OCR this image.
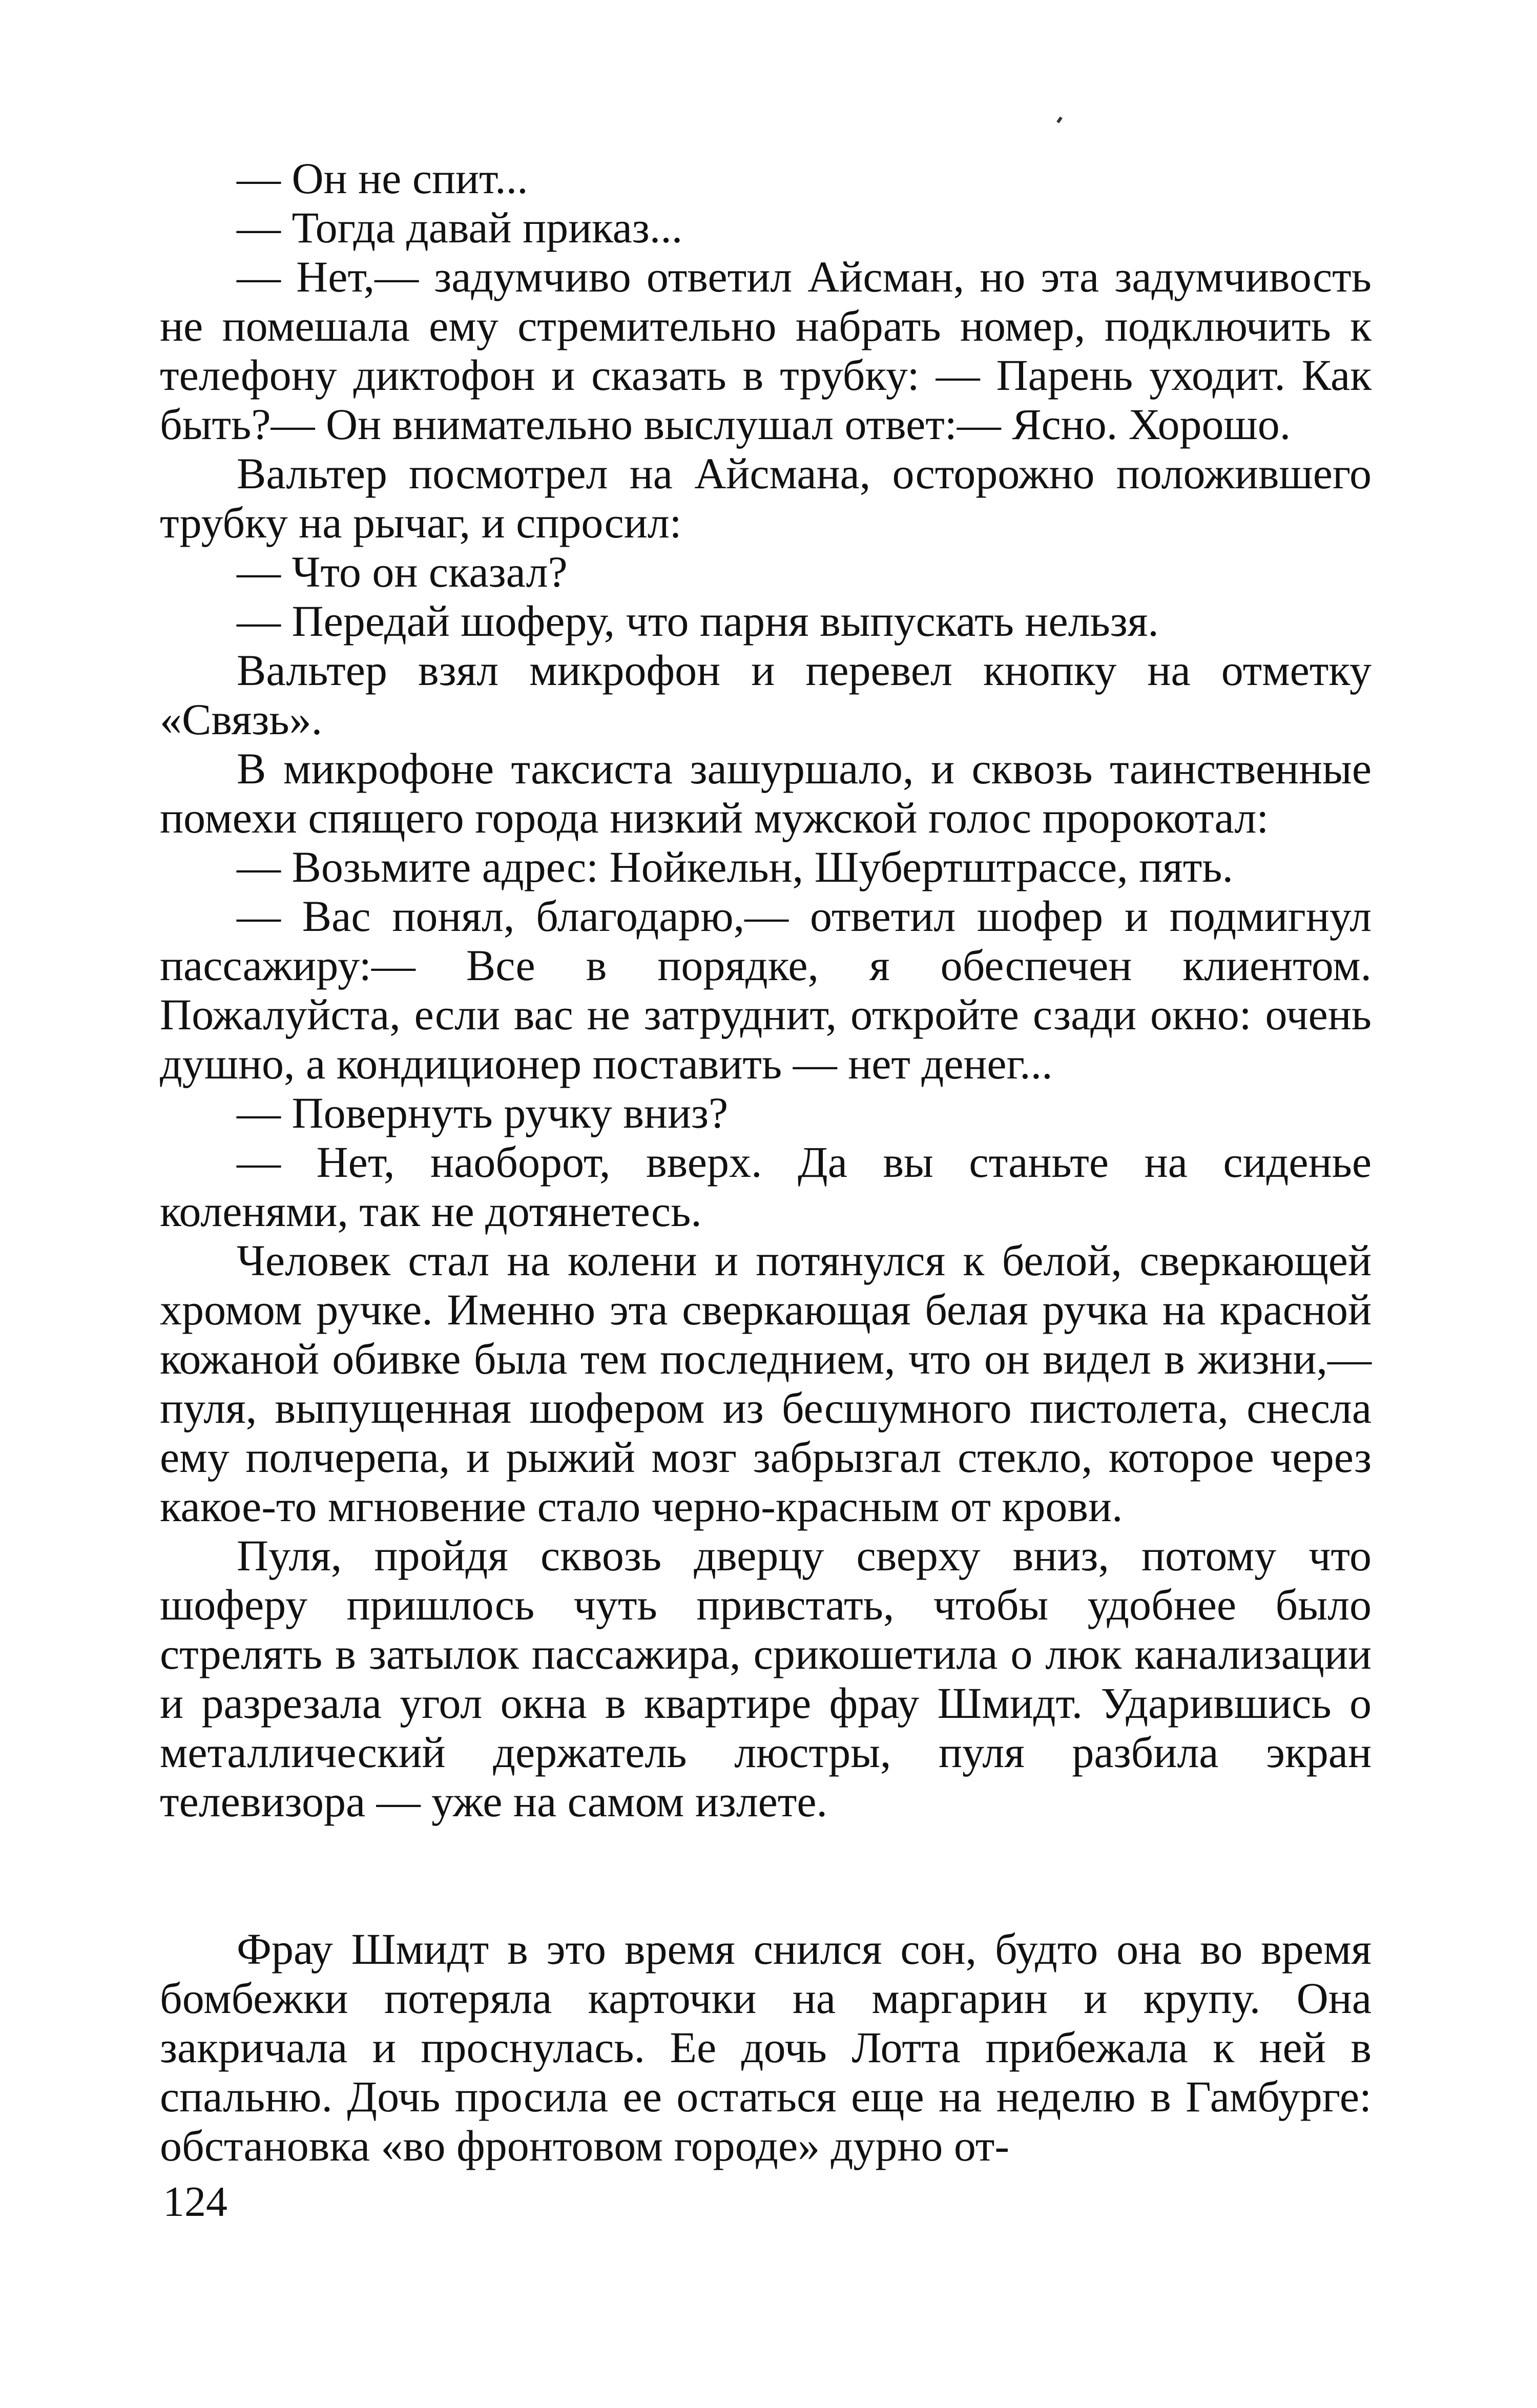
— Он не спит...

— Тогда давай приказ...

— Нет,— задумчиво ответил Айсман, но эта задумчивость не помешала ему стремительно набрать номер, подключить к телефону диктофон и сказать в трубку: — Парень уходит. Как быть?— Он внимательно выслушал ответ:— Ясно. Хорошо.

Вальтер посмотрел на Айсмана, осторожно положившего трубку на рычаг, и спросил:

— Что он сказал?

— Передай шоферу, что парня выпускать нельзя.

Вальтер взял микрофон и перевел кнопку на отметку «Связь».

В микрофоне таксиста зашуршало, и сквозь таинственные помехи спящего города низкий мужской голос пророкотал:

— Возьмите адрес: Нойкельн, Шубертштрассе, пять.

— Вас понял, благодарю,— ответил шофер и подмигнул пассажиру:— Все в порядке, я обеспечен клиентом. Пожалуйста, если вас не затруднит, откройте сзади окно: очень душно, а кондиционер поставить — нет денег...

— Повернуть ручку вниз?

— Нет, наоборот, вверх. Да вы станьте на сиденье коленями, так не дотянетесь.

Человек стал на колени и потянулся к белой, сверкающей хромом ручке. Именно эта сверкающая белая ручка на красной кожаной обивке была тем последнием, что он видел в жизни,— пуля, выпущенная шофером из бесшумного пистолета, снесла ему полчерепа, и рыжий мозг забрызгал стекло, которое через какое-то мгновение стало черно-красным от крови.

Пуля, пройдя сквозь дверцу сверху вниз, потому что шоферу пришлось чуть привстать, чтобы удобнее было стрелять в затылок пассажира, срикошетила о люк канализации и разрезала угол окна в квартире фрау Шмидт. Ударившись о металлический держатель люстры, пуля разбила экран телевизора — уже на самом излете.

Фрау Шмидт в это время снился сон, будто она во время бомбежки потеряла карточки на маргарин и крупу. Она закричала и проснулась. Ее дочь Лотта прибежала к ней в спальню. Дочь просила ее остаться еще на неделю в Гамбурге: обстановка «во фронтовом городе» дурно от-

124
